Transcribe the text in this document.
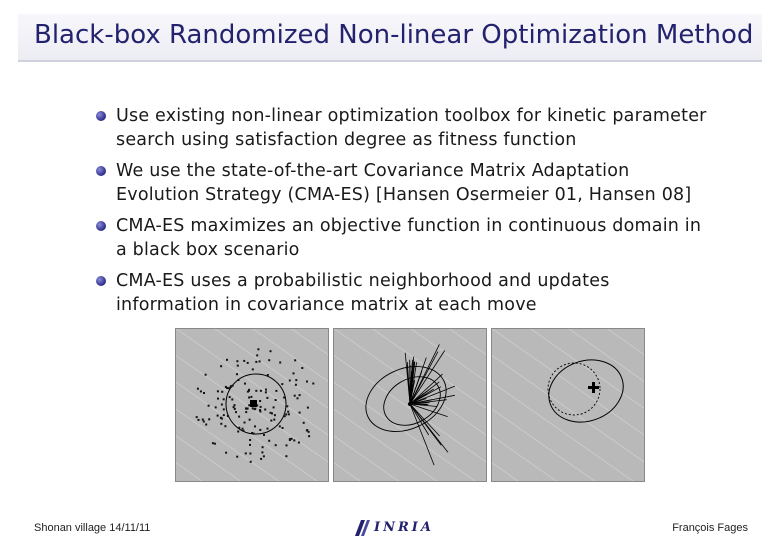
Black-box Randomized Non-linear Optimization Method
Use existing non-linear optimization toolbox for kinetic parameter search using satisfaction degree as fitness function
We use the state-of-the-art Covariance Matrix Adaptation Evolution Strategy (CMA-ES) [Hansen Osermeier 01, Hansen 08]
CMA-ES maximizes an objective function in continuous domain in a black box scenario
CMA-ES uses a probabilistic neighborhood and updates information in covariance matrix at each move
Shonan village 14/11/11	INRIA	François Fages
